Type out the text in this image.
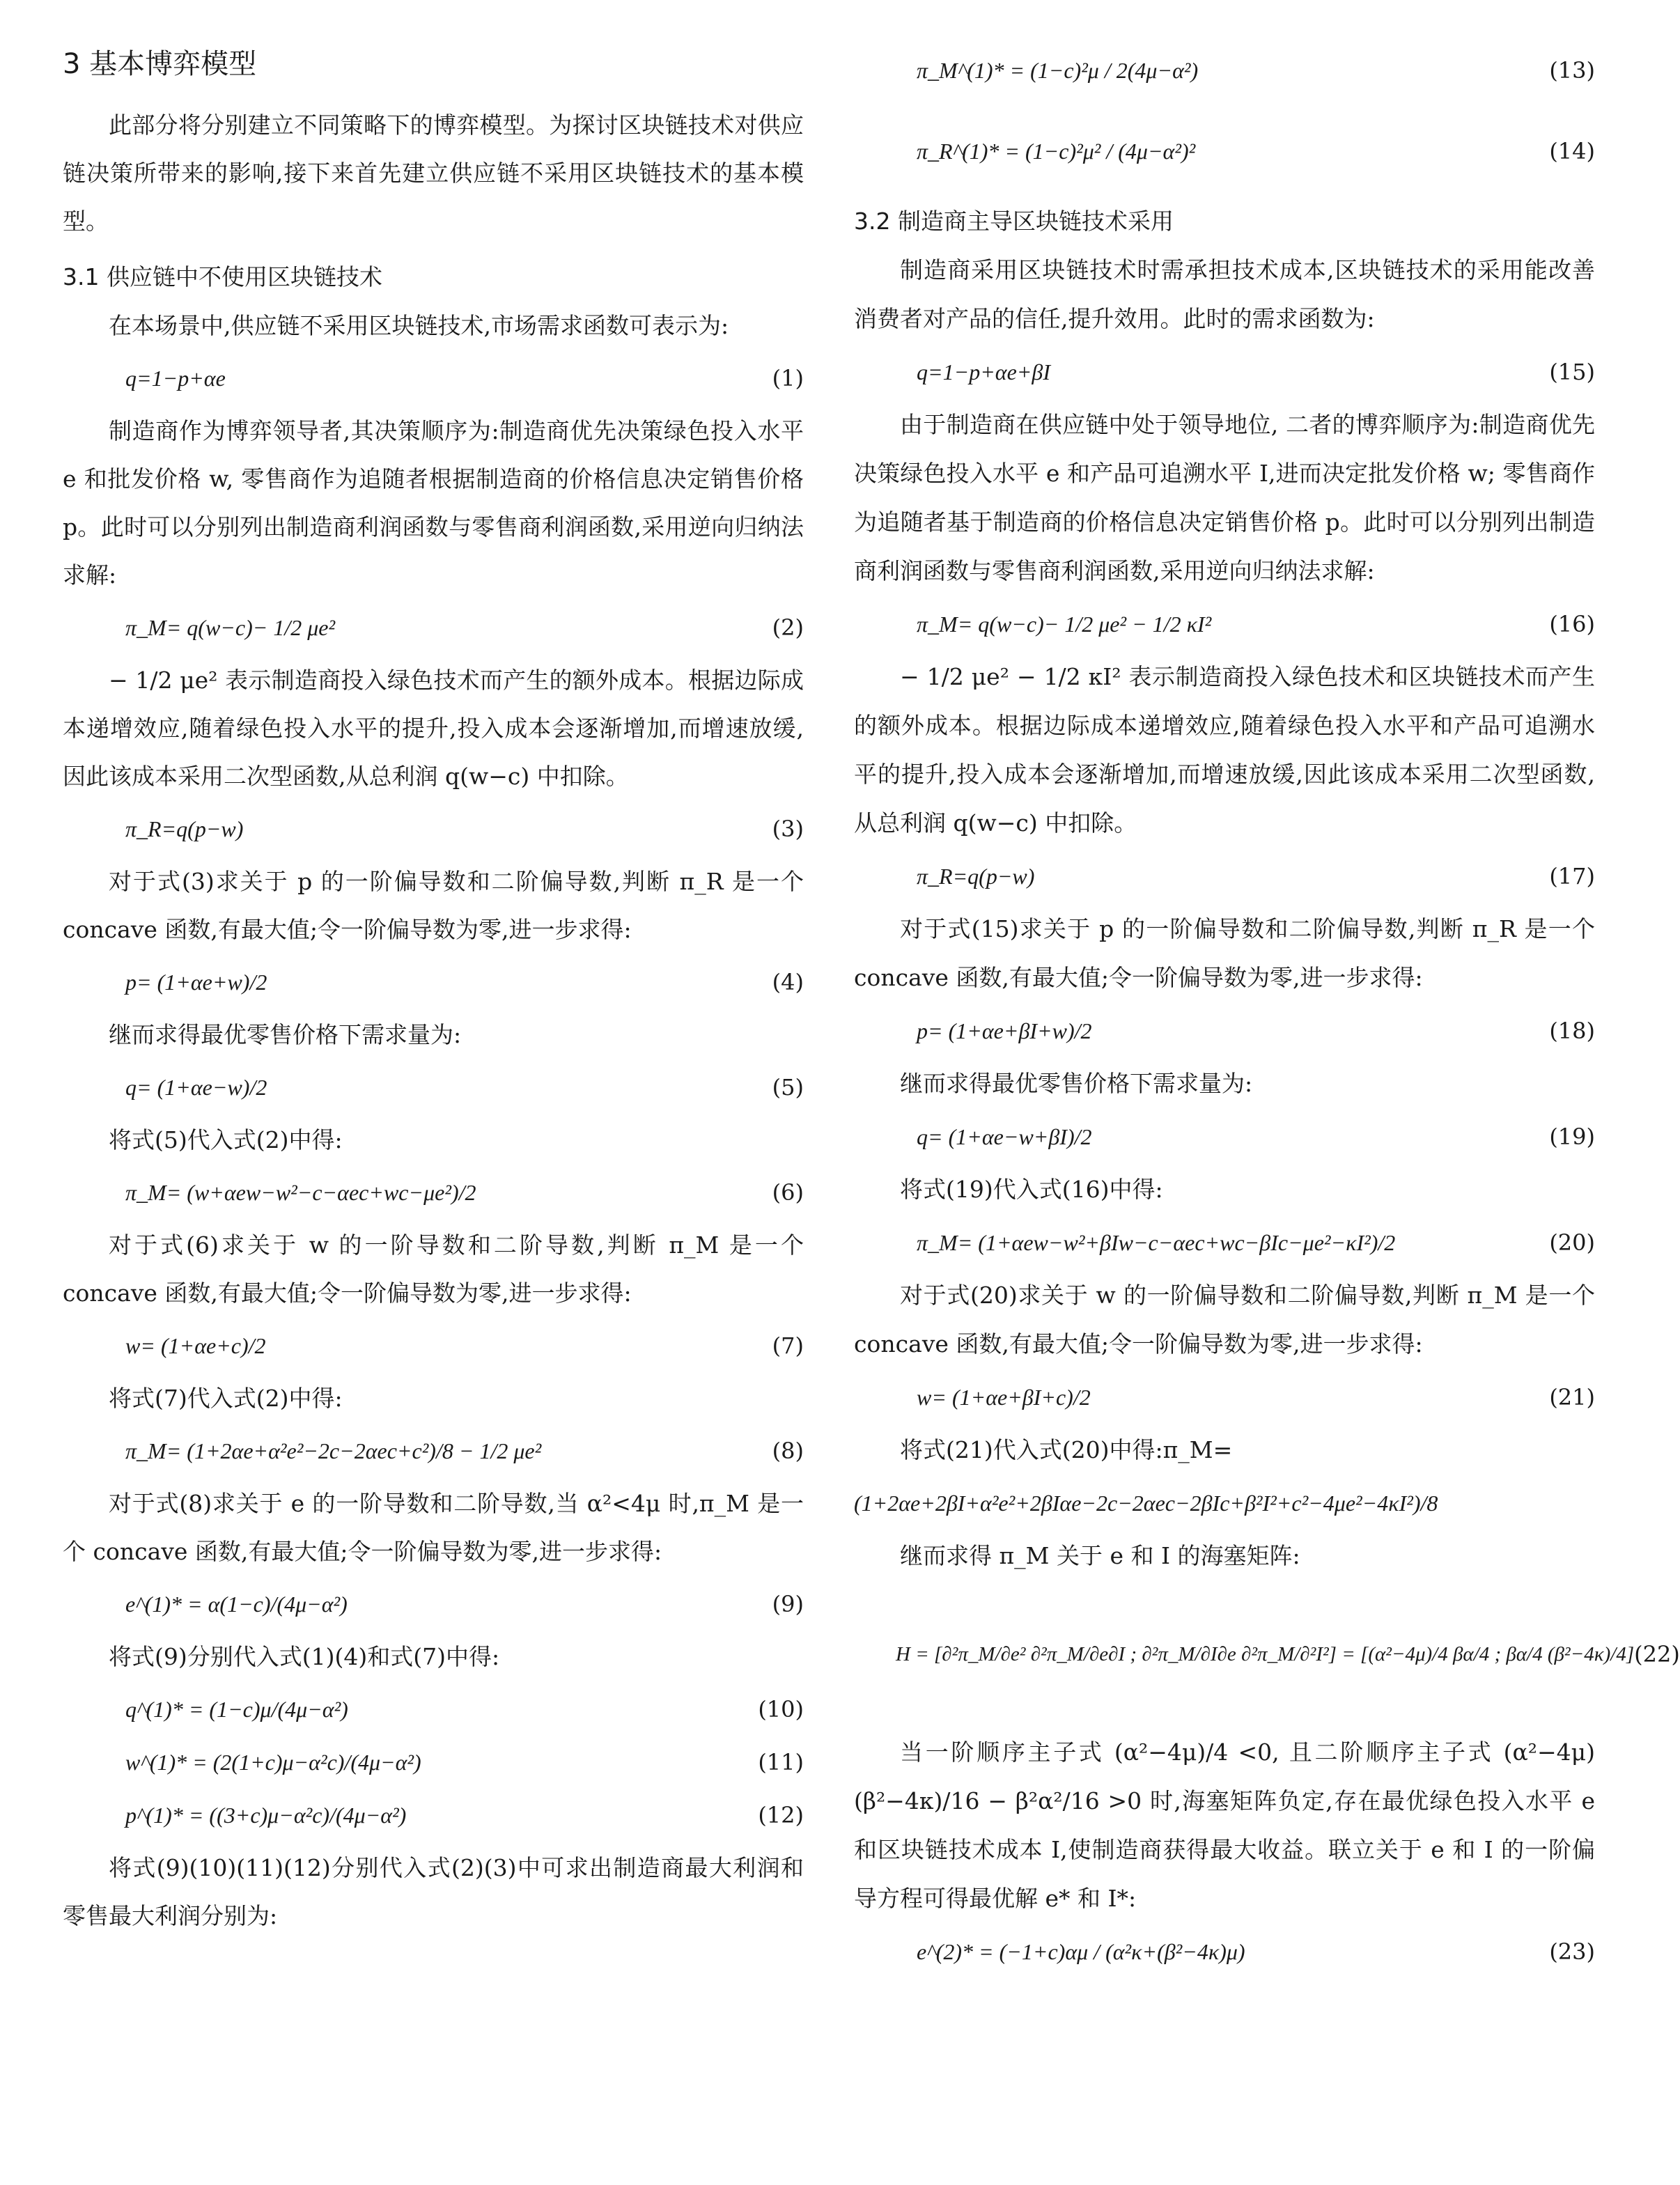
3 基本博弈模型

此部分将分别建立不同策略下的博弈模型。为探讨区块链技术对供应链决策所带来的影响,接下来首先建立供应链不采用区块链技术的基本模型。

3.1 供应链中不使用区块链技术

在本场景中,供应链不采用区块链技术,市场需求函数可表示为:

q=1−p+αe	(1)

制造商作为博弈领导者,其决策顺序为:制造商优先决策绿色投入水平 e 和批发价格 w, 零售商作为追随者根据制造商的价格信息决定销售价格 p。此时可以分别列出制造商利润函数与零售商利润函数,采用逆向归纳法求解:

π_M= q(w−c)− 1/2 μe²	(2)

− 1/2 μe² 表示制造商投入绿色技术而产生的额外成本。根据边际成本递增效应,随着绿色投入水平的提升,投入成本会逐渐增加,而增速放缓,因此该成本采用二次型函数,从总利润 q(w−c) 中扣除。

π_R=q(p−w)	(3)

对于式(3)求关于 p 的一阶偏导数和二阶偏导数,判断 π_R 是一个 concave 函数,有最大值;令一阶偏导数为零,进一步求得:

p= (1+αe+w)/2	(4)

继而求得最优零售价格下需求量为:

q= (1+αe−w)/2	(5)

将式(5)代入式(2)中得:

π_M= (w+αew−w²−c−αec+wc−μe²)/2	(6)

对于式(6)求关于 w 的一阶导数和二阶导数,判断 π_M 是一个 concave 函数,有最大值;令一阶偏导数为零,进一步求得:

w= (1+αe+c)/2	(7)

将式(7)代入式(2)中得:

π_M= (1+2αe+α²e²−2c−2αec+c²)/8 − 1/2 μe²	(8)

对于式(8)求关于 e 的一阶导数和二阶导数,当 α²<4μ 时,π_M 是一个 concave 函数,有最大值;令一阶偏导数为零,进一步求得:

e^(1)* = α(1−c)/(4μ−α²)	(9)

将式(9)分别代入式(1)(4)和式(7)中得:

q^(1)* = (1−c)μ/(4μ−α²)	(10)
w^(1)* = (2(1+c)μ−α²c)/(4μ−α²)	(11)
p^(1)* = ((3+c)μ−α²c)/(4μ−α²)	(12)

将式(9)(10)(11)(12)分别代入式(2)(3)中可求出制造商最大利润和零售最大利润分别为:

π_M^(1)* = (1−c)²μ / 2(4μ−α²)	(13)
π_R^(1)* = (1−c)²μ² / (4μ−α²)²	(14)
3.2 制造商主导区块链技术采用

制造商采用区块链技术时需承担技术成本,区块链技术的采用能改善消费者对产品的信任,提升效用。此时的需求函数为:

q=1−p+αe+βI	(15)

由于制造商在供应链中处于领导地位, 二者的博弈顺序为:制造商优先决策绿色投入水平 e 和产品可追溯水平 I,进而决定批发价格 w; 零售商作为追随者基于制造商的价格信息决定销售价格 p。此时可以分别列出制造商利润函数与零售商利润函数,采用逆向归纳法求解:

π_M= q(w−c)− 1/2 μe² − 1/2 κI²	(16)

− 1/2 μe² − 1/2 κI² 表示制造商投入绿色技术和区块链技术而产生的额外成本。根据边际成本递增效应,随着绿色投入水平和产品可追溯水平的提升,投入成本会逐渐增加,而增速放缓,因此该成本采用二次型函数,从总利润 q(w−c) 中扣除。

π_R=q(p−w)	(17)

对于式(15)求关于 p 的一阶偏导数和二阶偏导数,判断 π_R 是一个 concave 函数,有最大值;令一阶偏导数为零,进一步求得:

p= (1+αe+βI+w)/2	(18)

继而求得最优零售价格下需求量为:

q= (1+αe−w+βI)/2	(19)

将式(19)代入式(16)中得:

π_M= (1+αew−w²+βIw−c−αec+wc−βIc−μe²−κI²)/2	(20)

对于式(20)求关于 w 的一阶偏导数和二阶偏导数,判断 π_M 是一个 concave 函数,有最大值;令一阶偏导数为零,进一步求得:

w= (1+αe+βI+c)/2	(21)

将式(21)代入式(20)中得:π_M=

(1+2αe+2βI+α²e²+2βIαe−2c−2αec−2βIc+β²I²+c²−4μe²−4κI²)/8

继而求得 π_M 关于 e 和 I 的海塞矩阵:

H = [∂²π_M/∂e² ∂²π_M/∂e∂I ; ∂²π_M/∂I∂e ∂²π_M/∂²I²] = [(α²−4μ)/4 βα/4 ; βα/4 (β²−4κ)/4] (22)

当一阶顺序主子式 (α²−4μ)/4 <0, 且二阶顺序主子式 (α²−4μ)(β²−4κ)/16 − β²α²/16 >0 时,海塞矩阵负定,存在最优绿色投入水平 e 和区块链技术成本 I,使制造商获得最大收益。联立关于 e 和 I 的一阶偏导方程可得最优解 e* 和 I*:

e^(2)* = (−1+c)αμ / (α²κ+(β²−4κ)μ)	(23)
